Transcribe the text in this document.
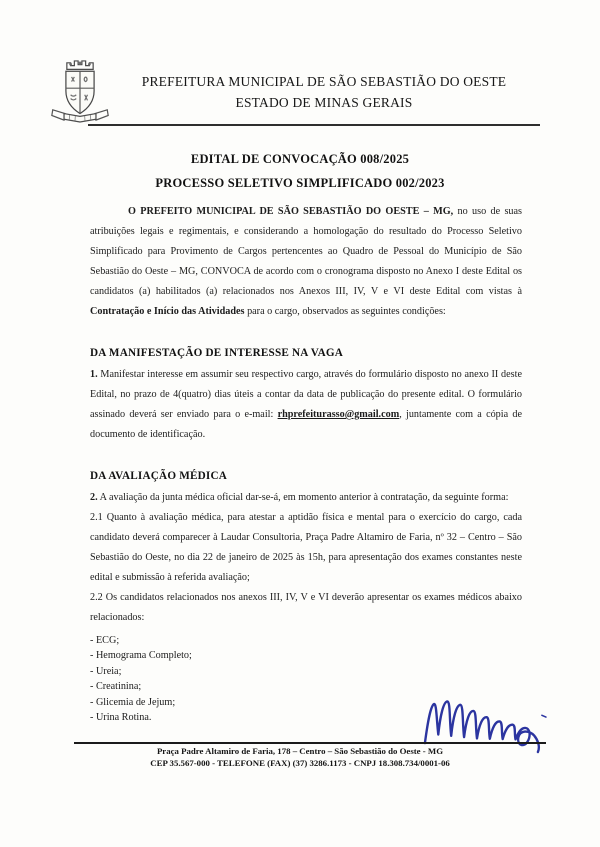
PREFEITURA MUNICIPAL DE SÃO SEBASTIÃO DO OESTE
ESTADO DE MINAS GERAIS
EDITAL DE CONVOCAÇÃO 008/2025
PROCESSO SELETIVO SIMPLIFICADO 002/2023

O PREFEITO MUNICIPAL DE SÃO SEBASTIÃO DO OESTE – MG, no uso de suas atribuições legais e regimentais, e considerando a homologação do resultado do Processo Seletivo Simplificado para Provimento de Cargos pertencentes ao Quadro de Pessoal do Município de São Sebastião do Oeste – MG, CONVOCA de acordo com o cronograma disposto no Anexo I deste Edital os candidatos (a) habilitados (a) relacionados nos Anexos III, IV, V e VI deste Edital com vistas à Contratação e Início das Atividades para o cargo, observados as seguintes condições:

DA MANIFESTAÇÃO DE INTERESSE NA VAGA

1. Manifestar interesse em assumir seu respectivo cargo, através do formulário disposto no anexo II deste Edital, no prazo de 4(quatro) dias úteis a contar da data de publicação do presente edital. O formulário assinado deverá ser enviado para o e-mail: rhprefeiturasso@gmail.com, juntamente com a cópia de documento de identificação.

DA AVALIAÇÃO MÉDICA

2. A avaliação da junta médica oficial dar-se-á, em momento anterior à contratação, da seguinte forma:

2.1 Quanto à avaliação médica, para atestar a aptidão física e mental para o exercício do cargo, cada candidato deverá comparecer à Laudar Consultoria, Praça Padre Altamiro de Faria, nº 32 – Centro – São Sebastião do Oeste, no dia 22 de janeiro de 2025 às 15h, para apresentação dos exames constantes neste edital e submissão à referida avaliação;

2.2 Os candidatos relacionados nos anexos III, IV, V e VI deverão apresentar os exames médicos abaixo relacionados:

- ECG;
- Hemograma Completo;
- Ureia;
- Creatinina;
- Glicemia de Jejum;
- Urina Rotina.
Praça Padre Altamiro de Faria, 178 – Centro – São Sebastião do Oeste - MG
CEP 35.567-000 - TELEFONE (FAX) (37) 3286.1173 - CNPJ 18.308.734/0001-06
